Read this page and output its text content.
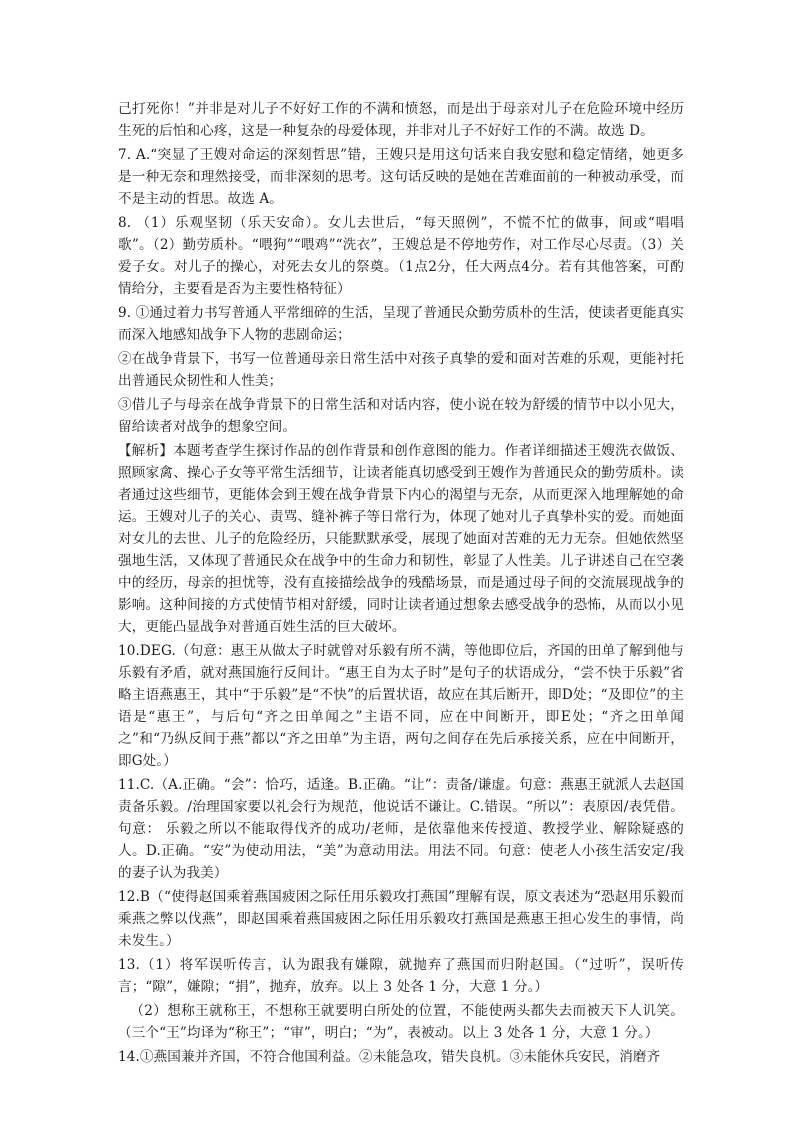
己打死你！”并非是对儿子不好好工作的不满和愤怒，而是出于母亲对儿子在危险环境中经历生死的后怕和心疼，这是一种复杂的母爱体现，并非对儿子不好好工作的不满。故选 D。

7. A.“突显了王嫂对命运的深刻哲思”错，王嫂只是用这句话来自我安慰和稳定情绪，她更多是一种无奈和理然接受，而非深刻的思考。这句话反映的是她在苦难面前的一种被动承受，而不是主动的哲思。故选 A。

8. （1）乐观坚韧（乐天安命）。女儿去世后，“每天照例”，不慌不忙的做事，间或“唱唱歌”。（2）勤劳质朴。“喂狗”“喂鸡”“洗衣”，王嫂总是不停地劳作，对工作尽心尽责。（3）关爱子女。对儿子的操心，对死去女儿的祭奠。（1点2分，任大两点4分。若有其他答案，可酌情给分，主要看是否为主要性格特征）

9. ①通过着力书写普通人平常细碎的生活，呈现了普通民众勤劳质朴的生活，使读者更能真实而深入地感知战争下人物的悲剧命运；

②在战争背景下，书写一位普通母亲日常生活中对孩子真挚的爱和面对苦难的乐观，更能衬托出普通民众韧性和人性美；

③借儿子与母亲在战争背景下的日常生活和对话内容，使小说在较为舒缓的情节中以小见大，留给读者对战争的想象空间。

【解析】本题考查学生探讨作品的创作背景和创作意图的能力。作者详细描述王嫂洗衣做饭、照顾家禽、操心子女等平常生活细节，让读者能真切感受到王嫂作为普通民众的勤劳质朴。读者通过这些细节，更能体会到王嫂在战争背景下内心的渴望与无奈，从而更深入地理解她的命运。王嫂对儿子的关心、责骂、缝补裤子等日常行为，体现了她对儿子真挚朴实的爱。而她面对女儿的去世、儿子的危险经历，只能默默承受，展现了她面对苦难的无力无奈。但她依然坚强地生活，又体现了普通民众在战争中的生命力和韧性，彰显了人性美。儿子讲述自己在空袭中的经历，母亲的担忧等，没有直接描绘战争的残酷场景，而是通过母子间的交流展现战争的影响。这种间接的方式使情节相对舒缓，同时让读者通过想象去感受战争的恐怖，从而以小见大，更能凸显战争对普通百姓生活的巨大破坏。

10.DEG.（句意：惠王从做太子时就曾对乐毅有所不满，等他即位后，齐国的田单了解到他与乐毅有矛盾，就对燕国施行反间计。“惠王自为太子时”是句子的状语成分，“尝不快于乐毅”省略主语燕惠王，其中“于乐毅”是“不快”的后置状语，故应在其后断开，即D处；“及即位”的主语是“惠王”，与后句“齐之田单闻之”主语不同，应在中间断开，即E处；“齐之田单闻之”和“乃纵反间于燕”都以“齐之田单”为主语，两句之间存在先后承接关系，应在中间断开，即G处。）

11.C.（A.正确。“会”：恰巧，适逢。B.正确。“让”：责备/谦虚。句意：燕惠王就派人去赵国责备乐毅。/治理国家要以礼会行为规范，他说话不谦让。C.错误。“所以”：表原因/表凭借。句意： 乐毅之所以不能取得伐齐的成功/老师，是依靠他来传授道、教授学业、解除疑惑的人。D.正确。“安”为使动用法，“美”为意动用法。用法不同。句意：使老人小孩生活安定/我的妻子认为我美）

12.B（“使得赵国乘着燕国疲困之际任用乐毅攻打燕国”理解有误，原文表述为“恐赵用乐毅而乘燕之弊以伐燕”，即赵国乘着燕国疲困之际任用乐毅攻打燕国是燕惠王担心发生的事情，尚未发生。）

13.（1）将军误听传言，认为跟我有嫌隙，就抛弃了燕国而归附赵国。（“过听”，误听传言；“隙”，嫌隙；“捐”，抛弃，放弃。以上 3 处各 1 分，大意 1 分。）

（2）想称王就称王，不想称王就要明白所处的位置，不能使两头都失去而被天下人讥笑。（三个“王”均译为“称王”；“审”，明白；“为”，表被动。以上 3 处各 1 分，大意 1 分。）

14.①燕国兼并齐国，不符合他国利益。②未能急攻，错失良机。③未能休兵安民，消磨齐
